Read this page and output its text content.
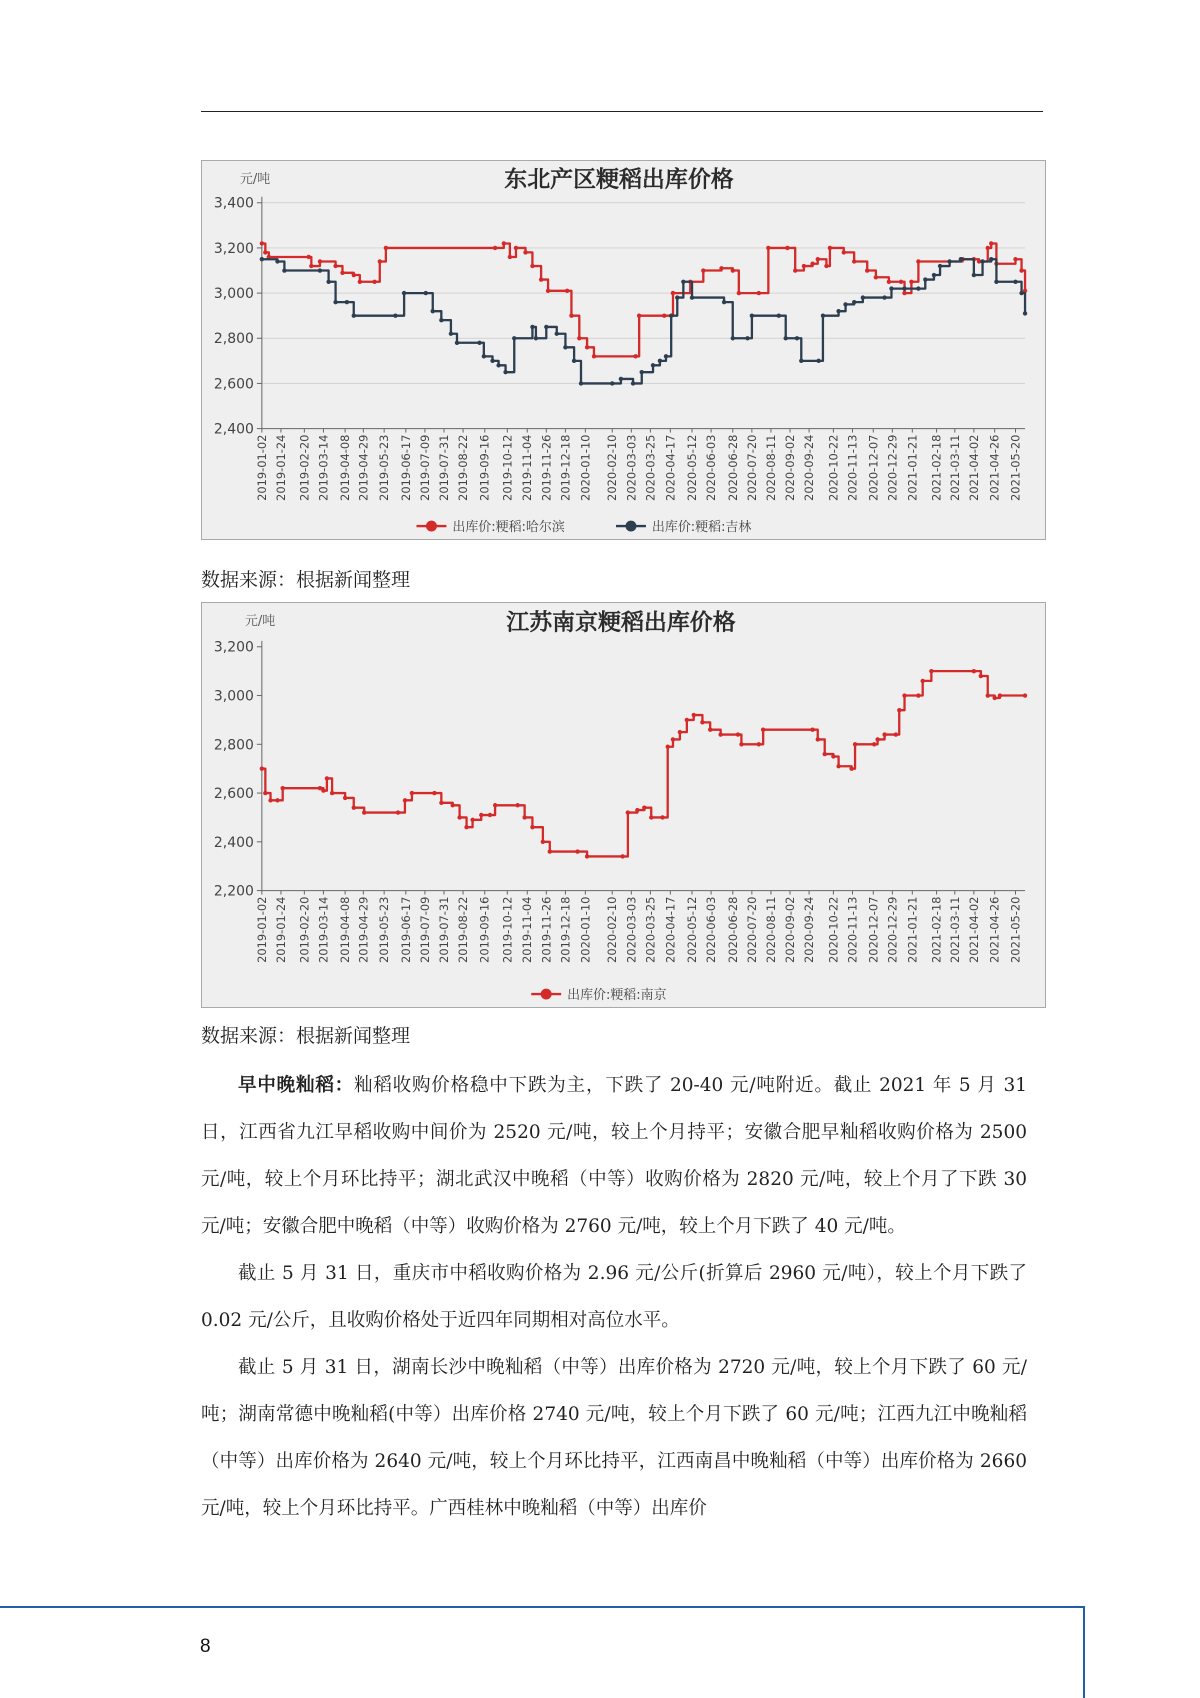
东北产区粳稻出库价格
元/吨
2,400
2,600
2,800
3,000
3,200
3,400
2019-01-02 2019-01-24 2019-02-20 2019-03-14 2019-04-08 2019-04-29 2019-05-23 2019-06-17 2019-07-09 2019-07-31 2019-08-22 2019-09-16 2019-10-12 2019-11-04 2019-11-26 2019-12-18 2020-01-10 2020-02-10 2020-03-03 2020-03-25 2020-04-17 2020-05-12 2020-06-03 2020-06-28 2020-07-20 2020-08-11 2020-09-02 2020-09-24 2020-10-22 2020-11-13 2020-12-07 2020-12-29 2021-01-21 2021-02-18 2021-03-11 2021-04-02 2021-04-26 2021-05-20
出库价:粳稻:哈尔滨	出库价:粳稻:吉林
数据来源：根据新闻整理
江苏南京粳稻出库价格
元/吨
2,200
2,400
2,600
2,800
3,000
3,200
2019-01-02 2019-01-24 2019-02-20 2019-03-14 2019-04-08 2019-04-29 2019-05-23 2019-06-17 2019-07-09 2019-07-31 2019-08-22 2019-09-16 2019-10-12 2019-11-04 2019-11-26 2019-12-18 2020-01-10 2020-02-10 2020-03-03 2020-03-25 2020-04-17 2020-05-12 2020-06-03 2020-06-28 2020-07-20 2020-08-11 2020-09-02 2020-09-24 2020-10-22 2020-11-13 2020-12-07 2020-12-29 2021-01-21 2021-02-18 2021-03-11 2021-04-02 2021-04-26 2021-05-20
出库价:粳稻:南京
数据来源：根据新闻整理

早中晚籼稻：籼稻收购价格稳中下跌为主，下跌了 20-40 元/吨附近。截止 2021 年 5 月 31 日，江西省九江早稻收购中间价为 2520 元/吨，较上个月持平；安徽合肥早籼稻收购价格为 2500 元/吨，较上个月环比持平；湖北武汉中晚稻（中等）收购价格为 2820 元/吨，较上个月了下跌 30 元/吨；安徽合肥中晚稻（中等）收购价格为 2760 元/吨，较上个月下跌了 40 元/吨。

截止 5 月 31 日，重庆市中稻收购价格为 2.96 元/公斤(折算后 2960 元/吨），较上个月下跌了 0.02 元/公斤，且收购价格处于近四年同期相对高位水平。

截止 5 月 31 日，湖南长沙中晚籼稻（中等）出库价格为 2720 元/吨，较上个月下跌了 60 元/吨；湖南常德中晚籼稻(中等）出库价格 2740 元/吨，较上个月下跌了 60 元/吨；江西九江中晚籼稻（中等）出库价格为 2640 元/吨，较上个月环比持平，江西南昌中晚籼稻（中等）出库价格为 2660 元/吨，较上个月环比持平。广西桂林中晚籼稻（中等）出库价

8
